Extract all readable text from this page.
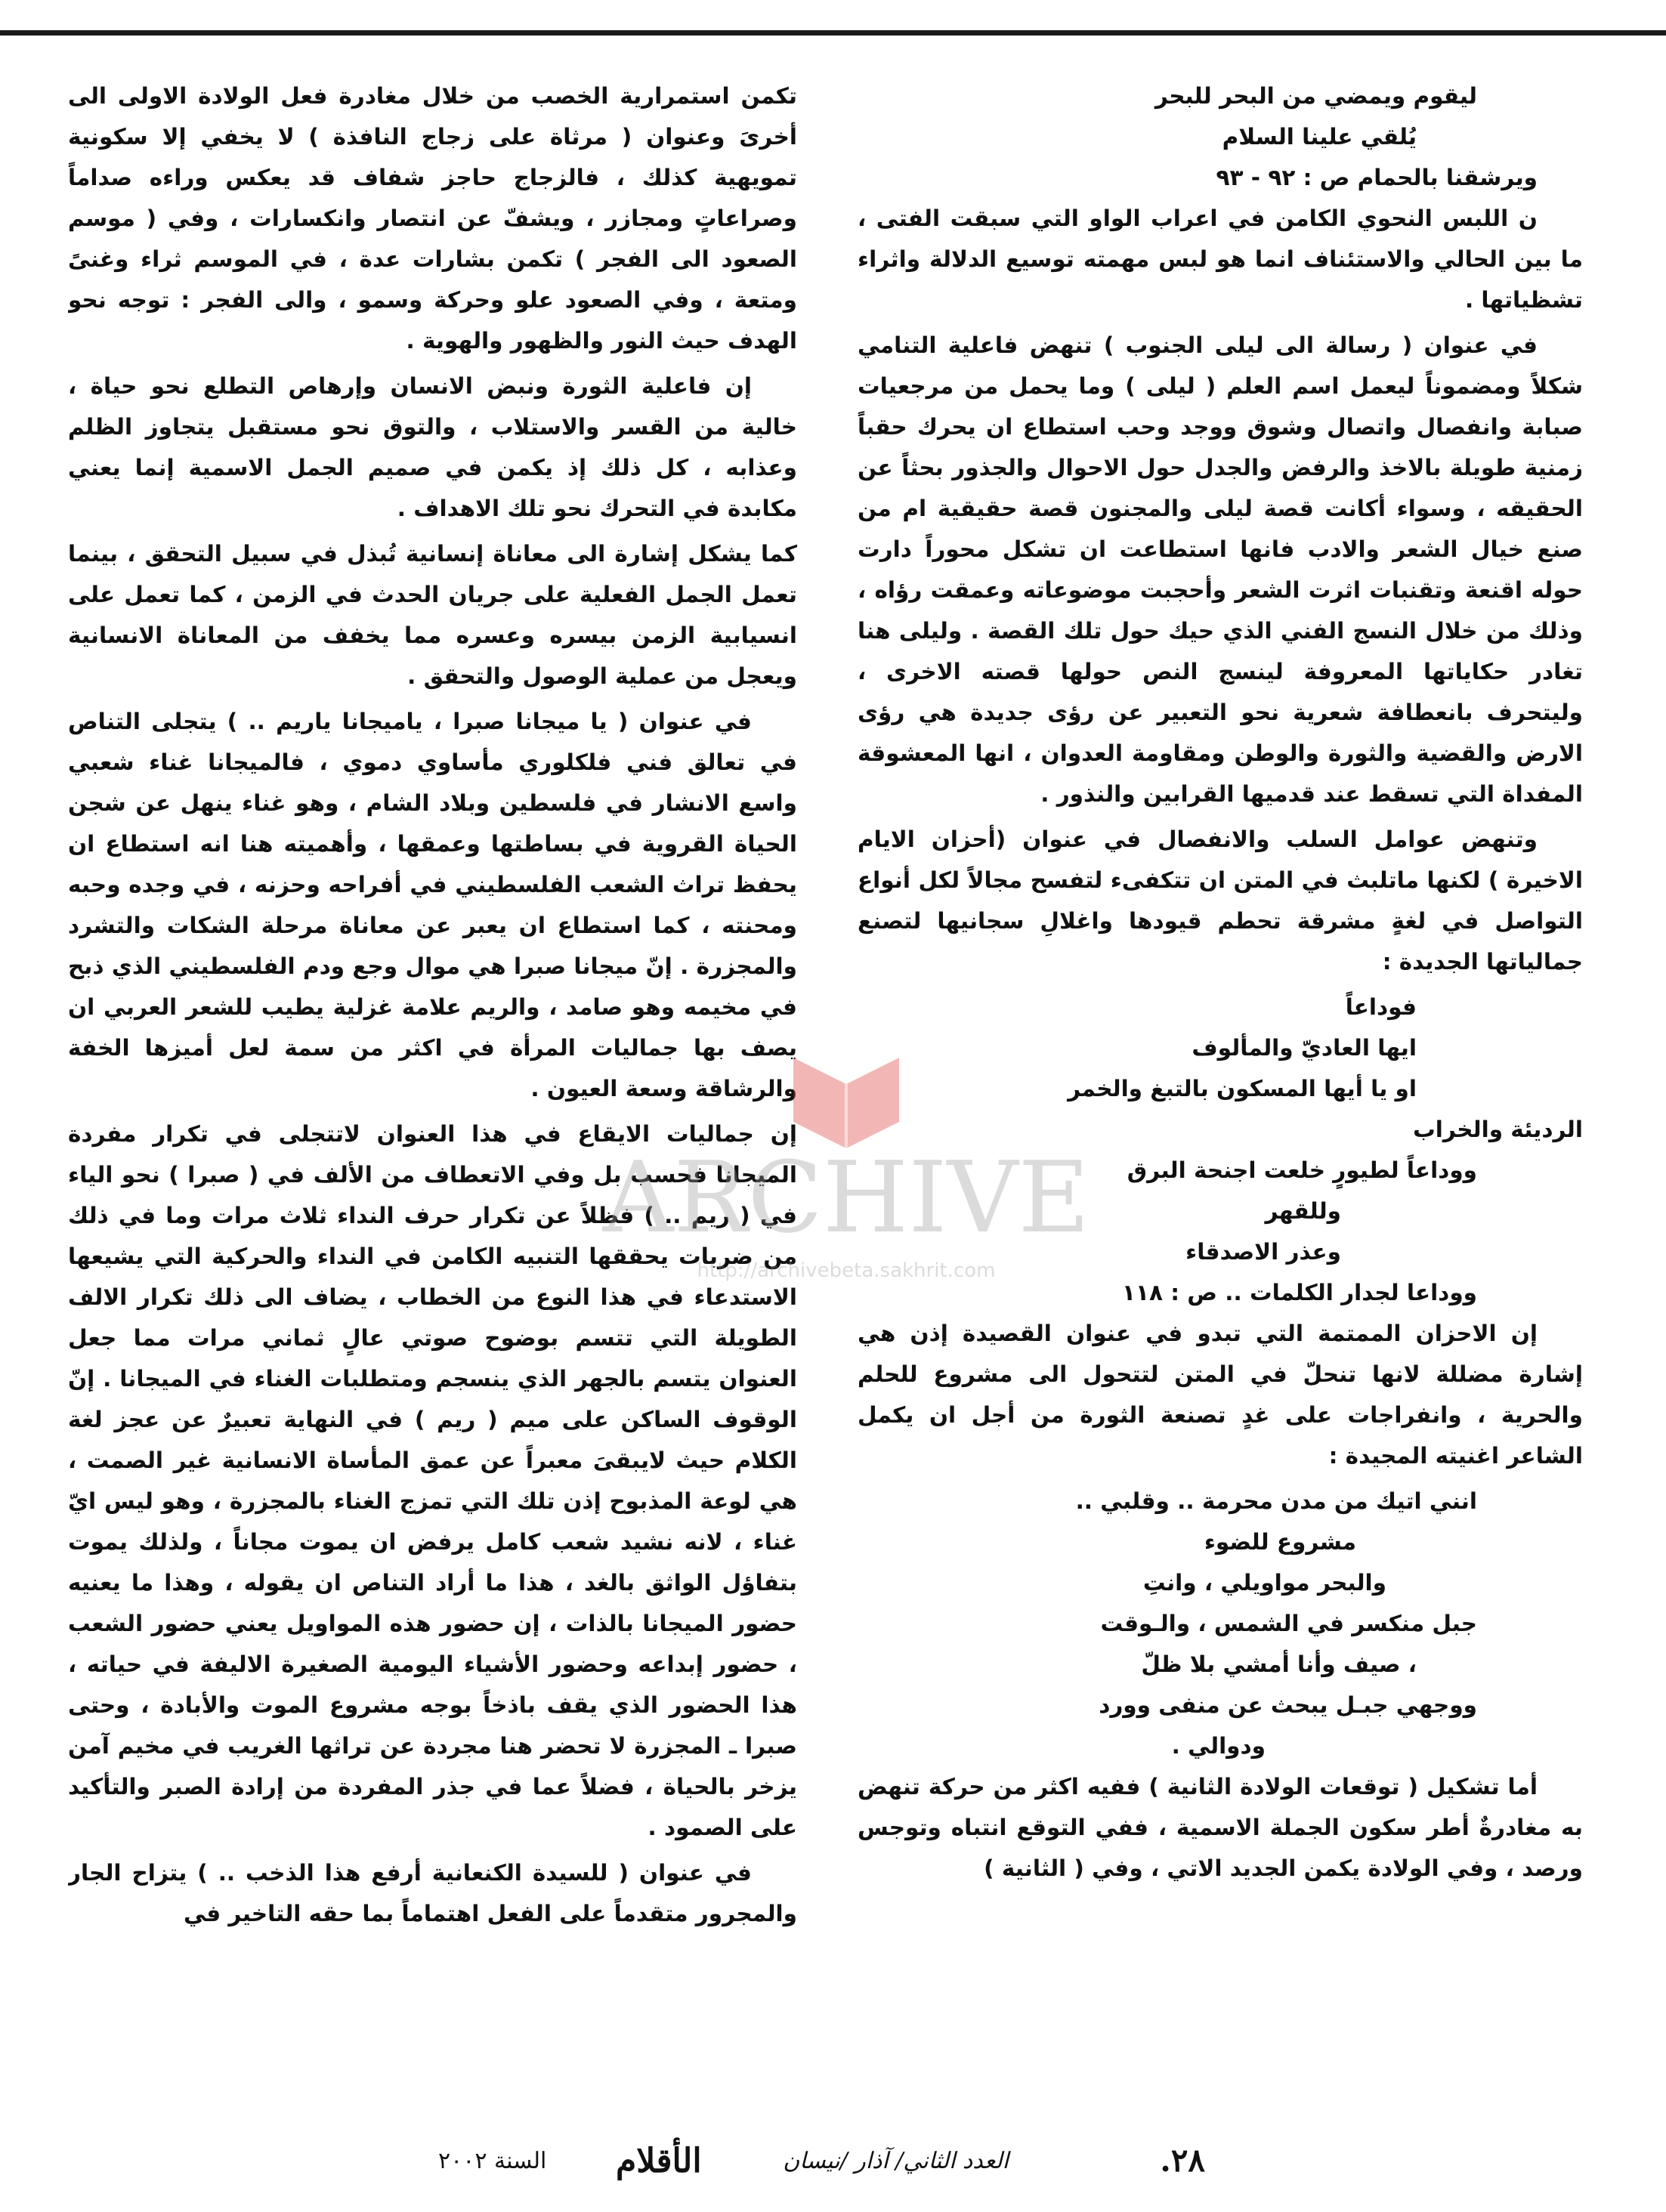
ليقوم ويمضي من البحر للبحر
يُلقي علينا السلام
ويرشقنا بالحمام ص : ٩٢ - ٩٣

ن اللبس النحوي الكامن في اعراب الواو التي سبقت الفتى ، ما بين الحالي والاستئناف انما هو لبس مهمته توسيع الدلالة واثراء تشظياتها .

في عنوان ( رسالة الى ليلى الجنوب ) تنهض فاعلية التنامي شكلاً ومضموناً ليعمل اسم العلم ( ليلى ) وما يحمل من مرجعيات صبابة وانفصال واتصال وشوق ووجد وحب استطاع ان يحرك حقباً زمنية طويلة بالاخذ والرفض والجدل حول الاحوال والجذور بحثاً عن الحقيقه ، وسواء أكانت قصة ليلى والمجنون قصة حقيقية ام من صنع خيال الشعر والادب فانها استطاعت ان تشكل محوراً دارت حوله اقنعة وتقنبات اثرت الشعر وأحجبت موضوعاته وعمقت رؤاه ، وذلك من خلال النسج الفني الذي حيك حول تلك القصة . وليلى هنا تغادر حكاياتها المعروفة لينسج النص حولها قصته الاخرى ، وليتحرف بانعطافة شعرية نحو التعبير عن رؤى جديدة هي رؤى الارض والقضية والثورة والوطن ومقاومة العدوان ، انها المعشوقة المفداة التي تسقط عند قدميها القرابين والنذور .

وتنهض عوامل السلب والانفصال في عنوان (أحزان الايام الاخيرة ) لكنها ماتلبث في المتن ان تتكفىء لتفسح مجالاً لكل أنواع التواصل في لغةٍ مشرقة تحطم قيودها واغلالِ سجانيها لتصنع جمالياتها الجديدة :

فوداعاً
ايها العاديّ والمألوف
او يا أيها المسكون بالتبغ والخمر
الرديئة والخراب
ووداعاً لطيورٍ خلعت اجنحة البرق
وللقهر
وعذر الاصدقاء
ووداعا لجدار الكلمات .. ص : ١١٨

إن الاحزان الممتمة التي تبدو في عنوان القصيدة إذن هي إشارة مضللة لانها تنحلّ في المتن لتتحول الى مشروع للحلم والحرية ، وانفراجات على غدٍ تصنعة الثورة من أجل ان يكمل الشاعر اغنيته المجيدة :

انني اتيك من مدن محرمة .. وقلبي ..
مشروع للضوء
والبحر مواويلي ، وانتِ
جبل منكسر في الشمس ، والـوقت
، صيف وأنا أمشي بلا ظلّ
ووجهي جبـل يبحث عن منفى وورد
ودوالي .

أما تشكيل ( توقعات الولادة الثانية ) ففيه اكثر من حركة تنهض به مغادرةٌ أطر سكون الجملة الاسمية ، ففي التوقع انتباه وتوجس ورصد ، وفي الولادة يكمن الجديد الاتي ، وفي ( الثانية )

تكمن استمرارية الخصب من خلال مغادرة فعل الولادة الاولى الى أخرىَ وعنوان ( مرثاة على زجاج النافذة ) لا يخفي إلا سكونية تمويهية كذلك ، فالزجاج حاجز شفاف قد يعكس وراءه صداماً وصراعاتٍ ومجازر ، ويشفّ عن انتصار وانكسارات ، وفي ( موسم الصعود الى الفجر ) تكمن بشارات عدة ، في الموسم ثراء وغنىً ومتعة ، وفي الصعود علو وحركة وسمو ، والى الفجر : توجه نحو الهدف حيث النور والظهور والهوية .

إن فاعلية الثورة ونبض الانسان وإرهاص التطلع نحو حياة ، خالية من القسر والاستلاب ، والتوق نحو مستقبل يتجاوز الظلم وعذابه ، كل ذلك إذ يكمن في صميم الجمل الاسمية إنما يعني مكابدة في التحرك نحو تلك الاهداف .

كما يشكل إشارة الى معاناة إنسانية تُبذل في سبيل التحقق ، بينما تعمل الجمل الفعلية على جريان الحدث في الزمن ، كما تعمل على انسيابية الزمن بيسره وعسره مما يخفف من المعاناة الانسانية ويعجل من عملية الوصول والتحقق .

في عنوان ( يا ميجانا صبرا ، ياميجانا ياريم .. ) يتجلى التناص في تعالق فني فلكلوري مأساوي دموي ، فالميجانا غناء شعبي واسع الانشار في فلسطين وبلاد الشام ، وهو غناء ينهل عن شجن الحياة القروية في بساطتها وعمقها ، وأهميته هنا انه استطاع ان يحفظ تراث الشعب الفلسطيني في أفراحه وحزنه ، في وجده وحبه ومحنته ، كما استطاع ان يعبر عن معاناة مرحلة الشكات والتشرد والمجزرة . إنّ ميجانا صبرا هي موال وجع ودم الفلسطيني الذي ذبح في مخيمه وهو صامد ، والريم علامة غزلية يطيب للشعر العربي ان يصف بها جماليات المرأة في اكثر من سمة لعل أميزها الخفة والرشاقة وسعة العيون .

إن جماليات الايقاع في هذا العنوان لاتتجلى في تكرار مفردة الميجانا فحسب بل وفي الاتعطاف من الألف في ( صبرا ) نحو الياء في ( ريم .. ) فظلاً عن تكرار حرف النداء ثلاث مرات وما في ذلك من ضربات يحققها التنبيه الكامن في النداء والحركية التي يشيعها الاستدعاء في هذا النوع من الخطاب ، يضاف الى ذلك تكرار الالف الطويلة التي تتسم بوضوح صوتي عالٍ ثماني مرات مما جعل العنوان يتسم بالجهر الذي ينسجم ومتطلبات الغناء في الميجانا . إنّ الوقوف الساكن على ميم ( ريم ) في النهاية تعبيرٌ عن عجز لغة الكلام حيث لايبقىَ معبراً عن عمق المأساة الانسانية غير الصمت ، هي لوعة المذبوح إذن تلك التي تمزج الغناء بالمجزرة ، وهو ليس ايّ غناء ، لانه نشيد شعب كامل يرفض ان يموت مجاناً ، ولذلك يموت بتفاؤل الواثق بالغد ، هذا ما أراد التناص ان يقوله ، وهذا ما يعنيه حضور الميجانا بالذات ، إن حضور هذه المواويل يعني حضور الشعب ، حضور إبداعه وحضور الأشياء اليومية الصغيرة الاليفة في حياته ، هذا الحضور الذي يقف باذخاً بوجه مشروع الموت والأبادة ، وحتى صبرا ـ المجزرة لا تحضر هنا مجردة عن تراثها الغريب في مخيم آمن يزخر بالحياة ، فضلاً عما في جذر المفردة من إرادة الصبر والتأكيد على الصمود .

في عنوان ( للسيدة الكنعانية أرفع هذا الذخب .. ) يتزاح الجار والمجرور متقدماً على الفعل اهتماماً بما حقه التاخير في

ARCHIVE
http://archivebeta.sakhrit.com
٢٨.
العدد الثاني/ آذار /نيسان
الأقلام
السنة ٢٠٠٢
